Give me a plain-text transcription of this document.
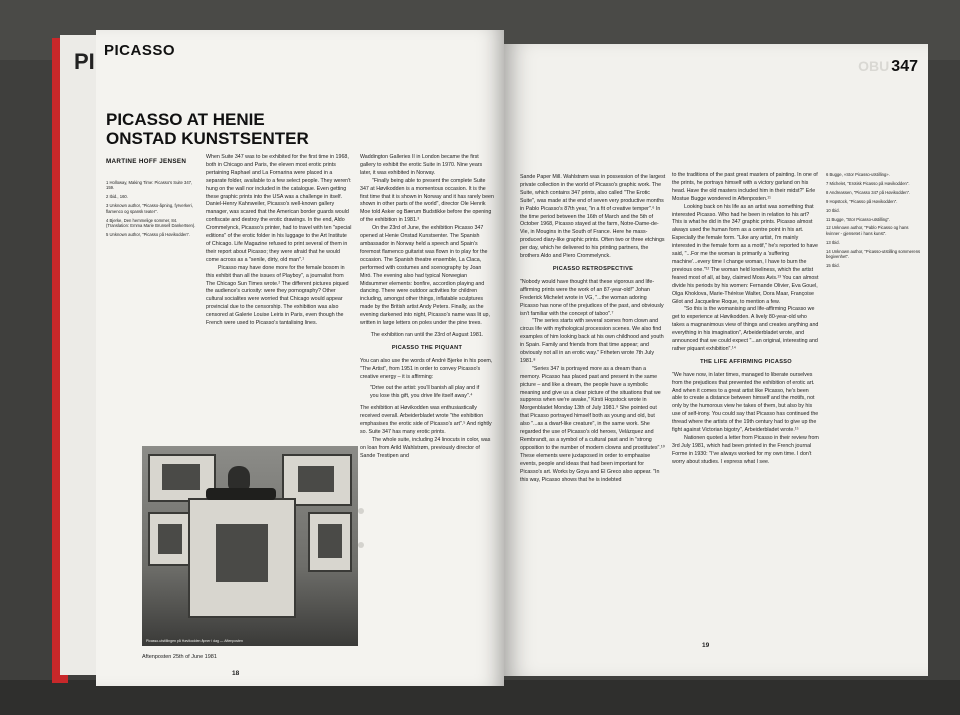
PI PICASSO
PICASSO AT HENIE ONSTAD KUNSTSENTER
MARTINE HOFF JENSEN
1 Holloway, Making Time: Picasso's Suite 347, 159.
2 Ibid., 160.
3 Unknown author, "Picasso-åpning, fyrverkeri, flamenco og spansk teater".
4 Bjerke, Den hemmelige sommer, 84. (Translation: Emma Marie Brunsell Dankertsen).
5 Unknown author, "Picasso på Høvikodden".

When Suite 347 was to be exhibited for the first time in 1968, both in Chicago and Paris, the eleven most erotic prints pertaining Raphael and La Fornarina were placed in a separate folder, available to a few select people. They weren't hung on the wall nor included in the catalogue. Even getting these graphic prints into the USA was a challenge in itself. Daniel-Henry Kahnweiler, Picasso's well-known gallery manager, was scared that the American border guards would confiscate and destroy the erotic drawings. In the end, Aldo Crommelynck, Picasso's printer, had to travel with ten "special editions" of the erotic folder in his luggage to the Art Institute of Chicago. Life Magazine refused to print several of them in their report about Picasso; they were afraid that he would come across as a "senile, dirty, old man".¹

Picasso may have done more for the female bosom in this exhibit than all the issues of Playboy", a journalist from The Chicago Sun Times wrote.² The different pictures piqued the audience's curiosity: were they pornography? Other cultural socialites were worried that Chicago would appear provincial due to the censorship. The exhibition was also censored at Galerie Louise Leiris in Paris, even though the French were used to Picasso's tantalising lines.

Waddington Galleries II in London became the first gallery to exhibit the erotic Suite in 1970. Nine years later, it was exhibited in Norway.

"Finally being able to present the complete Suite 347 at Høvikodden is a momentous occasion. It is the first time that it is shown in Norway and it has rarely been shown in other parts of the world", director Ole Henrik Moe told Asker og Bærum Budstikke before the opening of the exhibition in 1981.³

On the 23rd of June, the exhibition Picasso 347 opened at Henie Onstad Kunstsenter. The Spanish ambassador in Norway held a speech and Spain's foremost flamenco guitarist was flown in to play for the occasion. The Spanish theatre ensemble, La Claca, performed with costumes and scenography by Joan Miró. The evening also had typical Norwegian Midsummer elements: bonfire, accordion playing and dancing. There were outdoor activities for children including, amongst other things, inflatable sculptures made by the British artist Andy Peters. Finally, as the evening darkened into night, Picasso's name was lit up, written in large letters on poles under the pine trees.

The exhibition ran until the 23rd of August 1981.

PICASSO THE PIQUANT

You can also use the words of André Bjerke in his poem, "The Artist", from 1951 in order to convey Picasso's creative energy – it is affirming:

"Drive out the artist: you'll banish all play and if you lose this gift, you drive life itself away".⁴

The exhibition at Høvikodden was enthusiastically received overall. Arbeiderbladet wrote "the exhibition emphasises the erotic side of Picasso's art".⁵ And rightly so. Suite 347 has many erotic prints.

The whole suite, including 24 linocuts in color, was on loan from Arild Wahlstrøm, previously director of Sande Trestipen and

Picasso-utstillingen på Høvikodden åpner i dag — Aftenposten
Aftenposten 25th of June 1981
18
OBU 347

Sande Paper Mill. Wahlstrøm was in possession of the largest private collection in the world of Picasso's graphic work. The Suite, which contains 347 prints, also called "The Erotic Suite", was made at the end of seven very productive months in Pablo Picasso's 87th year, "in a fit of creative temper".⁶ In the time period between the 16th of March and the 5th of October 1968, Picasso stayed at the farm, Notre-Dame-de-Vie, in Mougins in the South of France. Here he mass-produced diary-like graphic prints. Often two or three etchings per day, which he delivered to his printing partners, the brothers Aldo and Piero Crommelynck.

PICASSO RETROSPECTIVE

"Nobody would have thought that these vigorous and life-affirming prints were the work of an 87-year-old!" Johan Frederick Michelet wrote in VG, "...the woman adoring Picasso has none of the prejudices of the past, and obviously isn't familiar with the concept of taboo".⁷

"The series starts with several scenes from clown and circus life with mythological procession scenes. We also find examples of him looking back at his own childhood and youth in Spain. Family and friends from that time appear; and obviously not all in an erotic way." Friheten wrote 7th July 1981.⁸

"Series 347 is portrayed more as a dream than a memory. Picasso has placed past and present in the same picture – and like a dream, the people have a symbolic meaning and give us a clear picture of the situations that we suppress when we're awake," Kirsti Hopstock wrote in Morgenbladet Monday 13th of July 1981.⁹ She pointed out that Picasso portrayed himself both as young and old, but also "...as a dwarf-like creature", in the same work. She regarded the use of Picasso's old heroes, Velázquez and Rembrandt, as a symbol of a cultural past and in "strong opposition to the number of modern clowns and prostitutes".¹⁰ These elements were juxtaposed in order to emphasise events, people and ideas that had been important for Picasso's art. Works by Goya and El Greco also appear. "In this way, Picasso shows that he is indebted

to the traditions of the past great masters of painting. In one of the prints, he portrays himself with a victory garland on his head. Have the old masters included him in their midst?" Erle Mostue Bugge wondered in Aftenposten.¹¹

Looking back on his life as an artist was something that interested Picasso. Who had he been in relation to his art? This is what he did in the 347 graphic prints. Picasso almost always used the human form as a centre point in his art. Especially the female form. "Like any artist, I'm mainly interested in the female form as a motif," he's reported to have said, "...For me the woman is primarily a 'suffering machine'...every time I change woman, I have to burn the previous one."¹² The woman held loneliness, which the artist feared most of all, at bay, claimed Moss Avis.¹³ You can almost divide his periods by his women: Fernande Olivier, Eva Gouel, Olga Khoklova, Marie-Thérèse Walter, Dora Maar, Françoise Gilot and Jacqueline Roque, to mention a few.

"So this is the womanising and life-affirming Picasso we get to experience at Høvikodden. A lively 80-year-old who takes a magnanimous view of things and creates anything and everything in his imagination", Arbeiderbladet wrote, and announced that we could expect "...an original, interesting and rather piquant exhibition".¹⁴

THE LIFE AFFIRMING PICASSO

"We have now, in later times, managed to liberate ourselves from the prejudices that prevented the exhibition of erotic art. And when it comes to a great artist like Picasso, he's been able to create a distance between himself and the motifs, not only by the humorous view he takes of them, but also by his use of self-irony. You could say that Picasso has continued the thread where the artists of the 19th century had to give up the fight against Victorian bigotry", Arbeiderbladet wrote.¹⁵

Nationen quoted a letter from Picasso in their review from 3rd July 1981, which had been printed in the French journal Forme in 1930: "I've always worked for my own time. I don't worry about studies. I express what I see.

6 Bugge, «Stor Picasso-utstilling».
7 Michelet, "Erotisk Picasso på Høvikodden".
8 Andreassen, "Picasso 347 på Høvikodden".
9 Hopstock, "Picasso på Høvikodden".
10 Ibid.
11 Bugge, "Stor Picasso-utstilling".
12 Unknown author, "Pablo Picasso og hans kvinner - gjensetet i hans kunst".
13 Ibid.
14 Unknown author, "Picasso-utstilling sommerens begivenhet".
15 Ibid.
19
